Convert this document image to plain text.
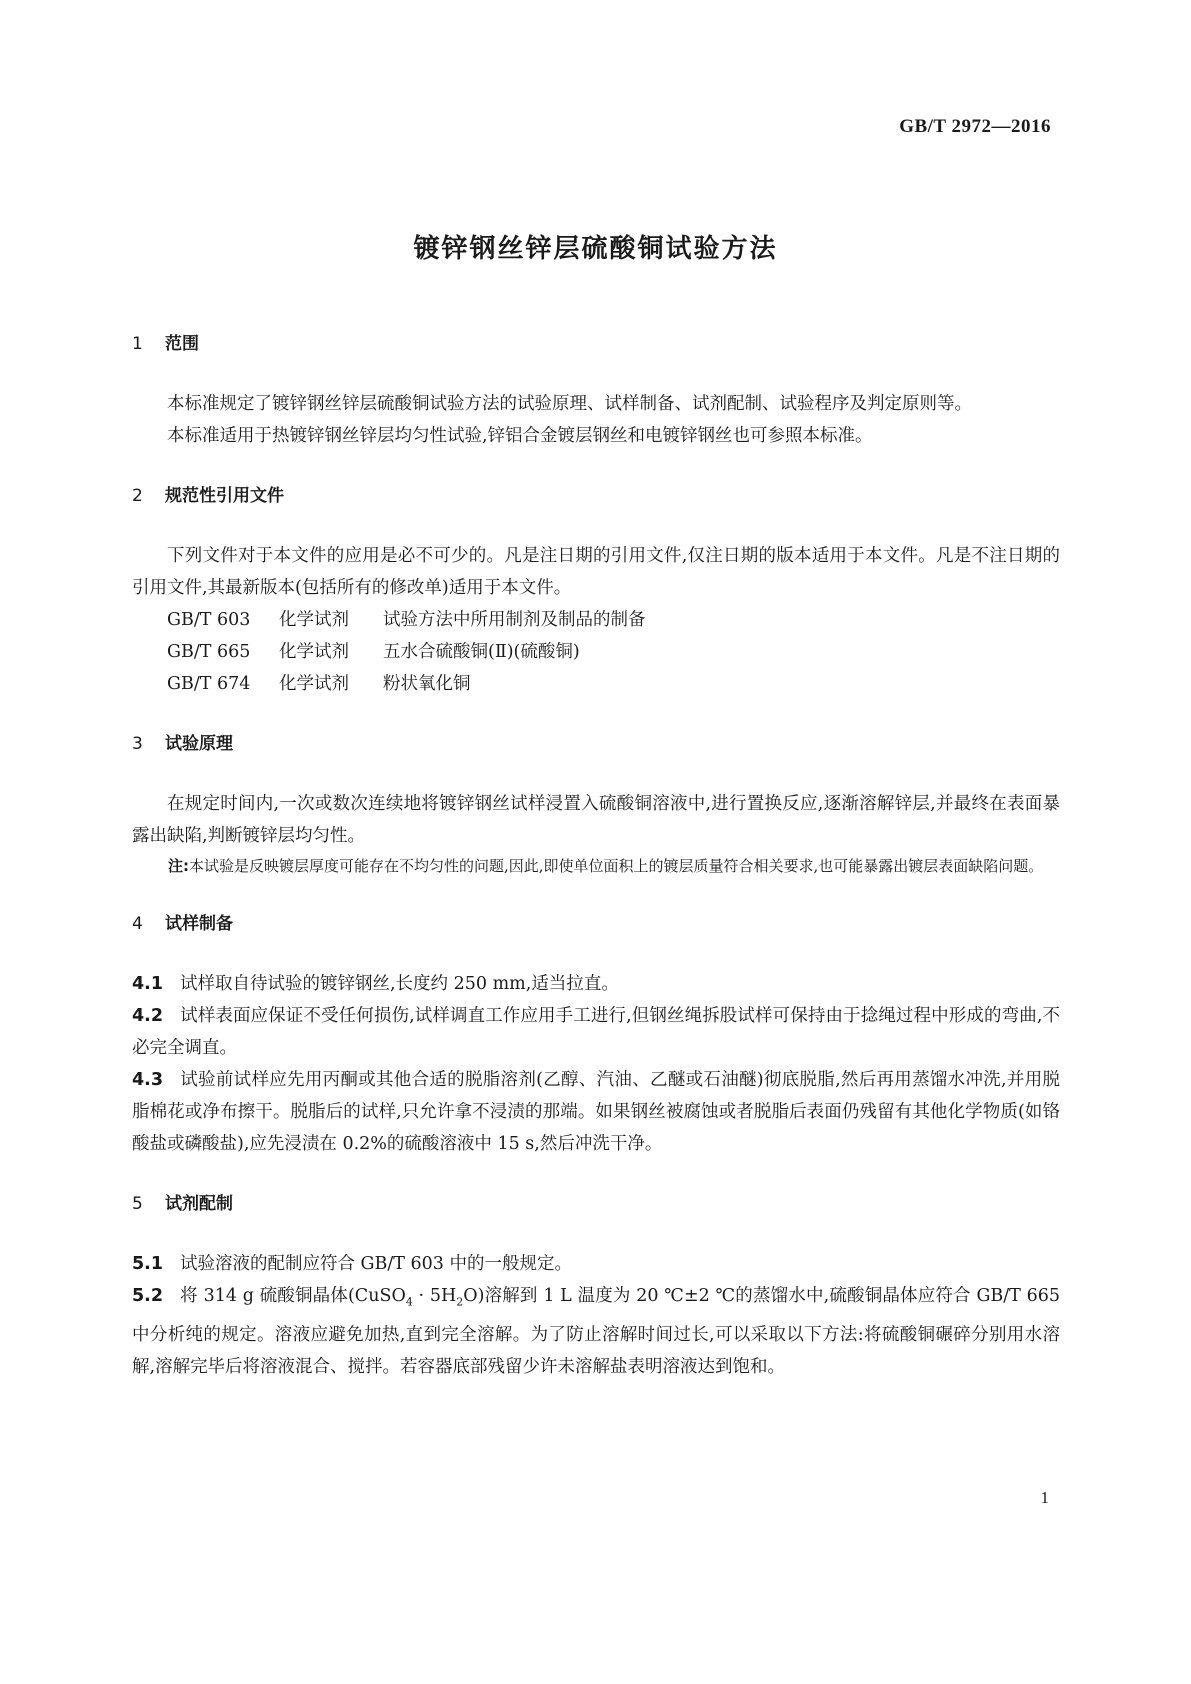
GB/T 2972—2016
镀锌钢丝锌层硫酸铜试验方法
1 范围

本标准规定了镀锌钢丝锌层硫酸铜试验方法的试验原理、试样制备、试剂配制、试验程序及判定原则等。

本标准适用于热镀锌钢丝锌层均匀性试验,锌铝合金镀层钢丝和电镀锌钢丝也可参照本标准。

2 规范性引用文件

下列文件对于本文件的应用是必不可少的。凡是注日期的引用文件,仅注日期的版本适用于本文件。凡是不注日期的引用文件,其最新版本(包括所有的修改单)适用于本文件。

GB/T 603 化学试剂 试验方法中所用制剂及制品的制备

GB/T 665 化学试剂 五水合硫酸铜(Ⅱ)(硫酸铜)

GB/T 674 化学试剂 粉状氧化铜

3 试验原理

在规定时间内,一次或数次连续地将镀锌钢丝试样浸置入硫酸铜溶液中,进行置换反应,逐渐溶解锌层,并最终在表面暴露出缺陷,判断镀锌层均匀性。

注:本试验是反映镀层厚度可能存在不均匀性的问题,因此,即使单位面积上的镀层质量符合相关要求,也可能暴露出镀层表面缺陷问题。

4 试样制备

4.1 试样取自待试验的镀锌钢丝,长度约 250 mm,适当拉直。

4.2 试样表面应保证不受任何损伤,试样调直工作应用手工进行,但钢丝绳拆股试样可保持由于捻绳过程中形成的弯曲,不必完全调直。

4.3 试验前试样应先用丙酮或其他合适的脱脂溶剂(乙醇、汽油、乙醚或石油醚)彻底脱脂,然后再用蒸馏水冲洗,并用脱脂棉花或净布擦干。脱脂后的试样,只允许拿不浸渍的那端。如果钢丝被腐蚀或者脱脂后表面仍残留有其他化学物质(如铬酸盐或磷酸盐),应先浸渍在 0.2%的硫酸溶液中 15 s,然后冲洗干净。

5 试剂配制

5.1 试验溶液的配制应符合 GB/T 603 中的一般规定。

5.2 将 314 g 硫酸铜晶体(CuSO$_4$ · $5H_2O$)溶解到 1 L 温度为 20 ℃±2 ℃的蒸馏水中,硫酸铜晶体应符合 GB/T 665 中分析纯的规定。溶液应避免加热,直到完全溶解。为了防止溶解时间过长,可以采取以下方法:将硫酸铜碾碎分别用水溶解,溶解完毕后将溶液混合、搅拌。若容器底部残留少许未溶解盐表明溶液达到饱和。

1
